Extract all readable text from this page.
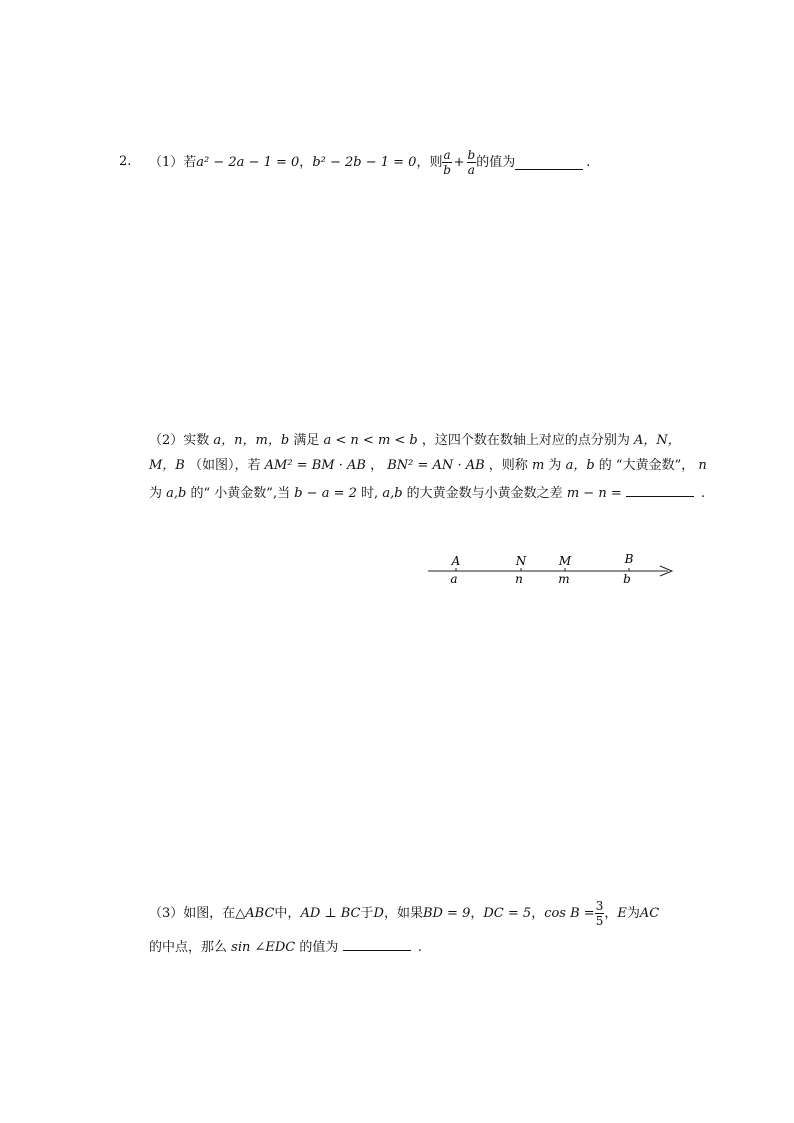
2. （1） 若 a² − 2a − 1 = 0 ， b² − 2b − 1 = 0 ，则 $\frac{a}{b} + \frac{b}{a}$ 的值为	.
（2）实数 a，n，m，b 满足 a < n < m < b ，这四个数在数轴上对应的点分别为 A，N，
M，B （如图），若 AM² = BM · AB ， BN² = AN · AB ，则称 m 为 a，b 的 “大黄金数”， n
为 a,b 的“ 小黄金数”,当 b − a = 2 时, a,b 的大黄金数与小黄金数之差 m − n =	.
A	N	M	B
a	n	m	b
（3）如图，在 △ABC 中， AD ⊥ BC 于 D ，如果 BD = 9 ， DC = 5 ， $\cos B = \frac{3}{5}$ ， E 为 AC
的中点，那么 sin ∠EDC 的值为	.
